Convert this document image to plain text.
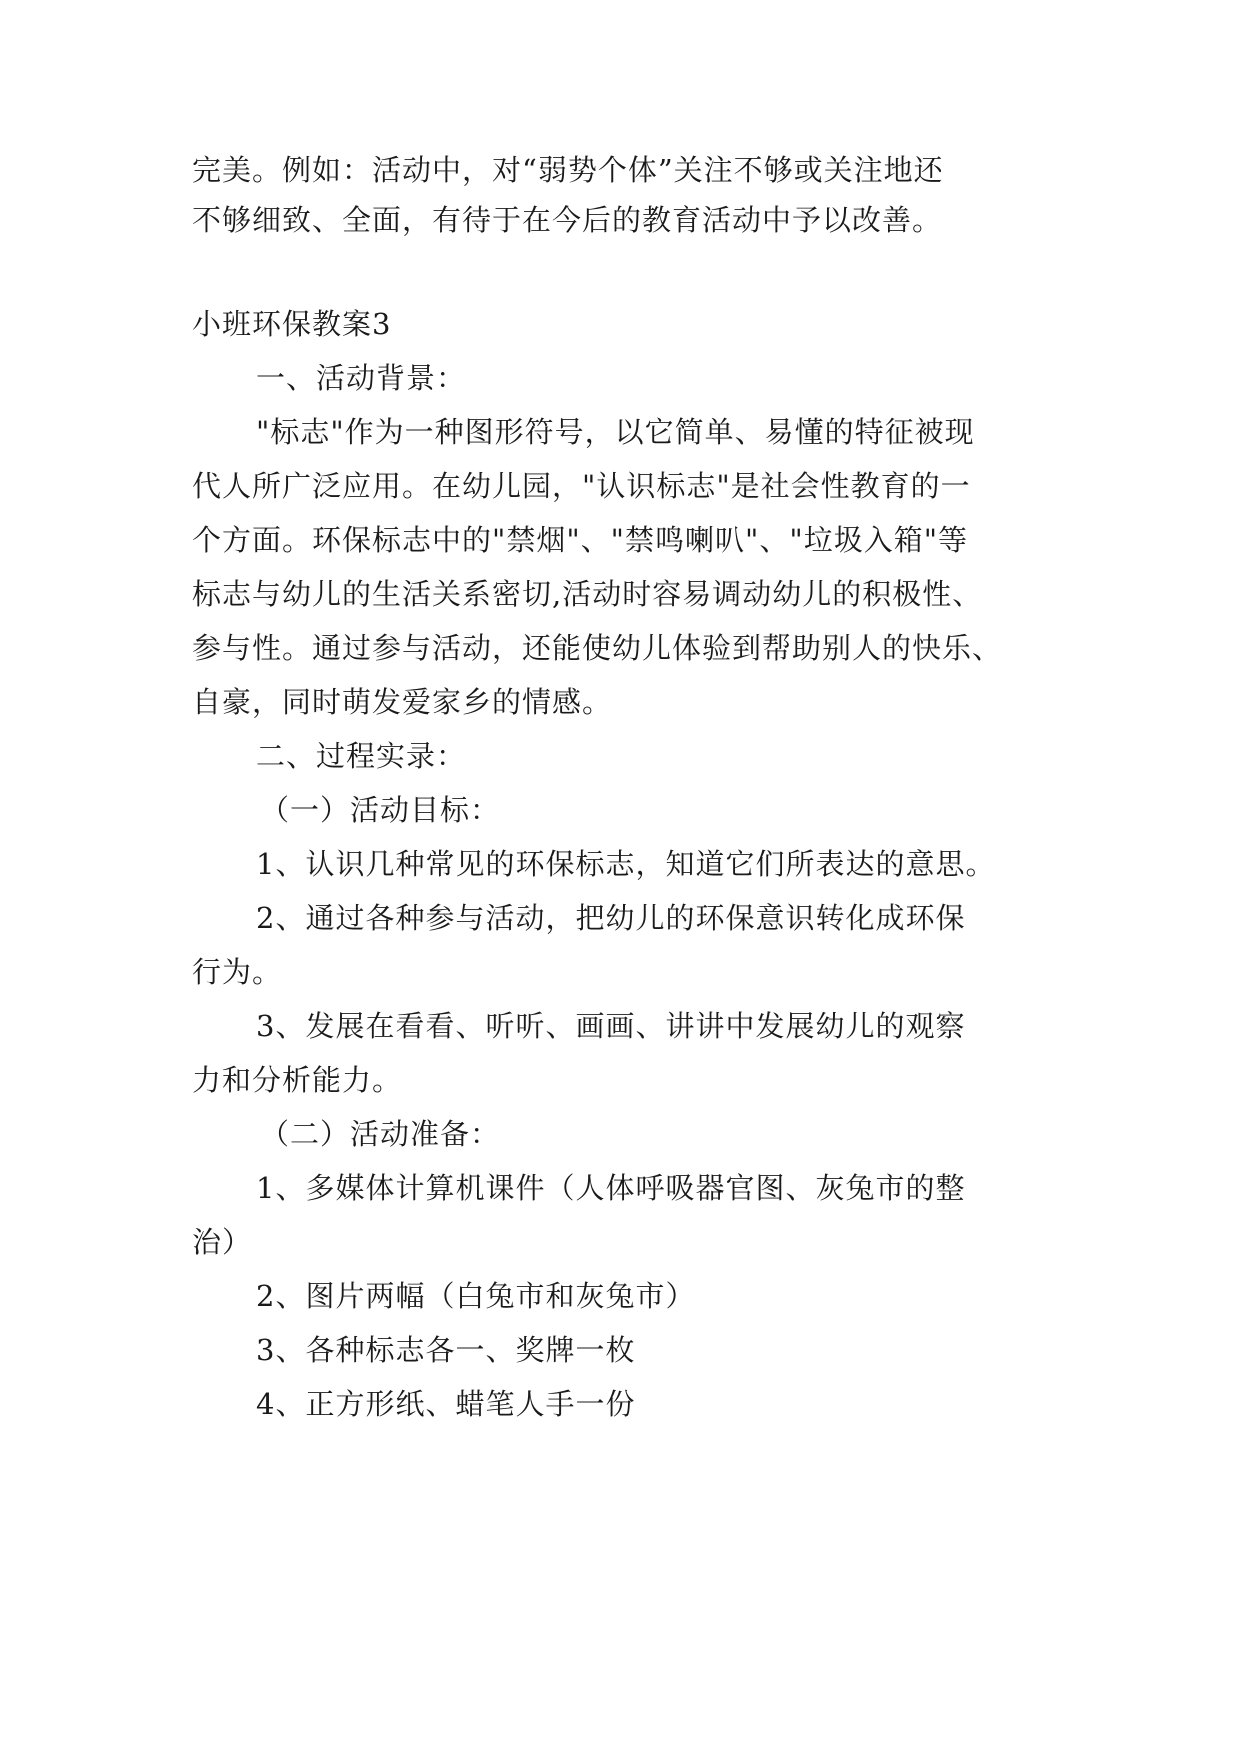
完美。例如：活动中，对“弱势个体”关注不够或关注地还
不够细致、全面，有待于在今后的教育活动中予以改善。
小班环保教案3
一、活动背景：
"标志"作为一种图形符号，以它简单、易懂的特征被现
代人所广泛应用。在幼儿园，"认识标志"是社会性教育的一
个方面。环保标志中的"禁烟"、"禁鸣喇叭"、"垃圾入箱"等
标志与幼儿的生活关系密切,活动时容易调动幼儿的积极性、
参与性。通过参与活动，还能使幼儿体验到帮助别人的快乐、
自豪，同时萌发爱家乡的情感。
二、过程实录：
（一）活动目标：
1、认识几种常见的环保标志，知道它们所表达的意思。
2、通过各种参与活动，把幼儿的环保意识转化成环保
行为。
3、发展在看看、听听、画画、讲讲中发展幼儿的观察
力和分析能力。
（二）活动准备：
1、多媒体计算机课件（人体呼吸器官图、灰兔市的整
治）
2、图片两幅（白兔市和灰兔市）
3、各种标志各一、奖牌一枚
4、正方形纸、蜡笔人手一份
